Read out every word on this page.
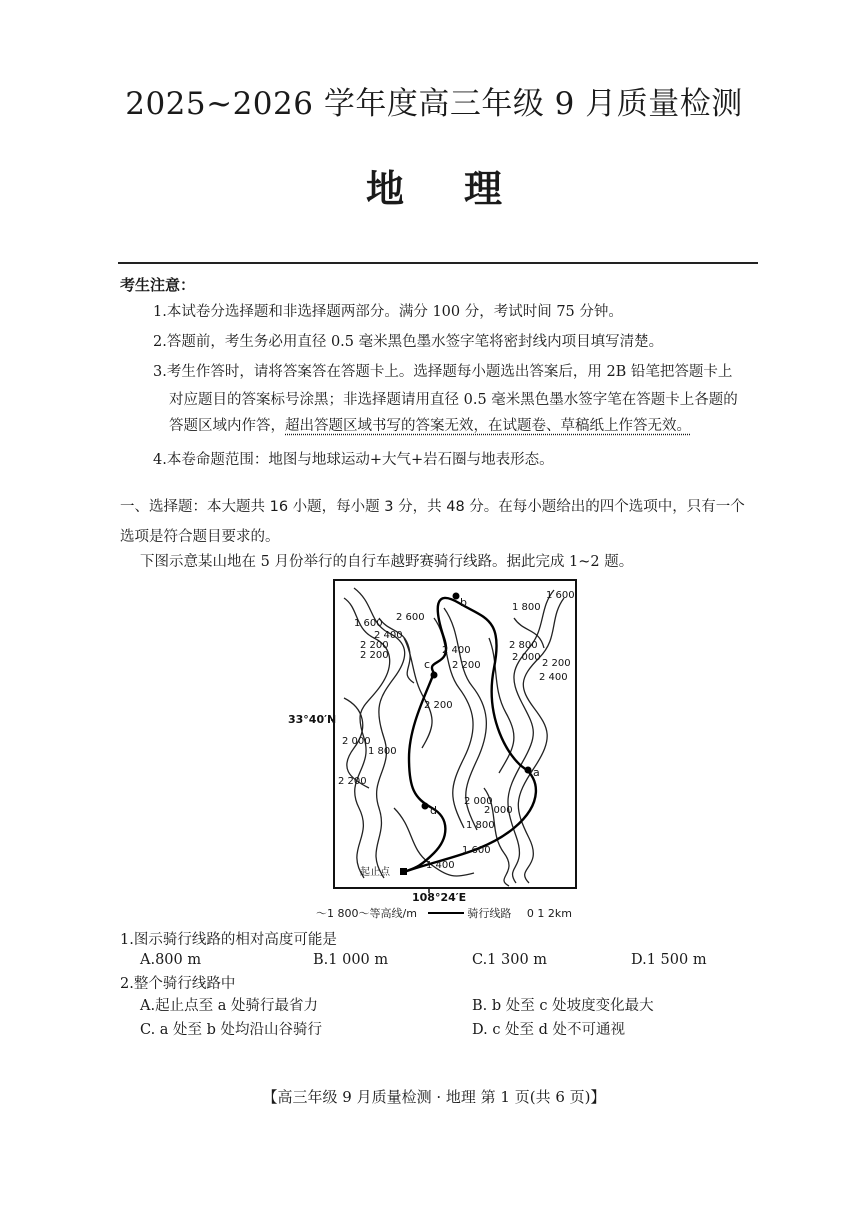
2025~2026 学年度高三年级 9 月质量检测
地理
考生注意：
1.本试卷分选择题和非选择题两部分。满分 100 分，考试时间 75 分钟。
2.答题前，考生务必用直径 0.5 毫米黑色墨水签字笔将密封线内项目填写清楚。
3.考生作答时，请将答案答在答题卡上。选择题每小题选出答案后，用 2B 铅笔把答题卡上
对应题目的答案标号涂黑；非选择题请用直径 0.5 毫米黑色墨水签字笔在答题卡上各题的
答题区域内作答，超出答题区域书写的答案无效，在试题卷、草稿纸上作答无效。
4.本卷命题范围：地图与地球运动+大气+岩石圈与地表形态。
一、选择题：本大题共 16 小题，每小题 3 分，共 48 分。在每小题给出的四个选项中，只有一个
选项是符合题目要求的。
下图示意某山地在 5 月份举行的自行车越野赛骑行线路。据此完成 1~2 题。
1 600
1 800
2 600
2 400
2 400
2 200
1 600
2 200	2 200
2 400
2 800
2 000
2 200
2 200
2 000
1 800
2 000
2 200
2 000
1 800
1 600
1 400
b
c
d
a
起止点
33°40′N
108°24′E
〜1 800〜等高线/m	骑行线路 0 1 2km
1.图示骑行线路的相对高度可能是
A.800 m	B.1 000 m	C.1 300 m	D.1 500 m
2.整个骑行线路中
A.起止点至 a 处骑行最省力	B. b 处至 c 处坡度变化最大
C. a 处至 b 处均沿山谷骑行	D. c 处至 d 处不可通视
【高三年级 9 月质量检测 · 地理 第 1 页(共 6 页)】
